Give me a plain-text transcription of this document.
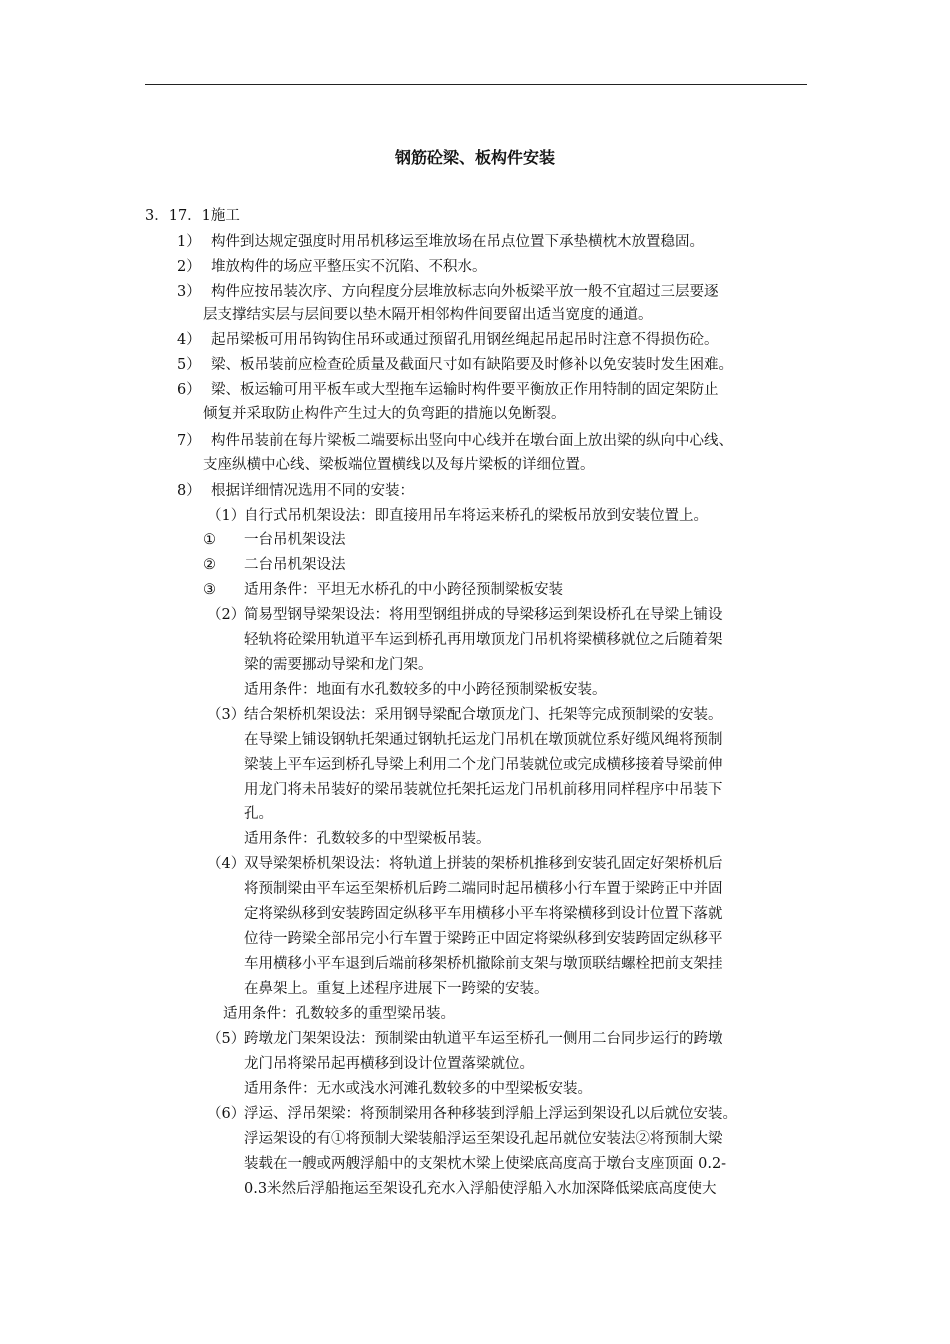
钢筋砼梁、板构件安装
3．17．1施工
1） 构件到达规定强度时用吊机移运至堆放场在吊点位置下承垫横枕木放置稳固。
2） 堆放构件的场应平整压实不沉陷、不积水。
3） 构件应按吊装次序、方向程度分层堆放标志向外板梁平放一般不宜超过三层要逐
层支撑结实层与层间要以垫木隔开相邻构件间要留出适当宽度的通道。
4） 起吊梁板可用吊钩钩住吊环或通过预留孔用钢丝绳起吊起吊时注意不得损伤砼。
5） 梁、板吊装前应检查砼质量及截面尺寸如有缺陷要及时修补以免安装时发生困难。
6） 梁、板运输可用平板车或大型拖车运输时构件要平衡放正作用特制的固定架防止
倾复并采取防止构件产生过大的负弯距的措施以免断裂。
7） 构件吊装前在每片梁板二端要标出竖向中心线并在墩台面上放出梁的纵向中心线、
支座纵横中心线、梁板端位置横线以及每片梁板的详细位置。
8） 根据详细情况选用不同的安装：
（1）自行式吊机架设法：即直接用吊车将运来桥孔的梁板吊放到安装位置上。
① 一台吊机架设法
② 二台吊机架设法
③ 适用条件：平坦无水桥孔的中小跨径预制梁板安装
（2）简易型钢导梁架设法：将用型钢组拼成的导梁移运到架设桥孔在导梁上铺设
轻轨将砼梁用轨道平车运到桥孔再用墩顶龙门吊机将梁横移就位之后随着架
梁的需要挪动导梁和龙门架。
适用条件：地面有水孔数较多的中小跨径预制梁板安装。
（3）结合架桥机架设法：采用钢导梁配合墩顶龙门、托架等完成预制梁的安装。
在导梁上铺设钢轨托架通过钢轨托运龙门吊机在墩顶就位系好缆风绳将预制
梁装上平车运到桥孔导梁上利用二个龙门吊装就位或完成横移接着导梁前伸
用龙门将未吊装好的梁吊装就位托架托运龙门吊机前移用同样程序中吊装下
孔。
适用条件：孔数较多的中型梁板吊装。
（4）双导梁架桥机架设法：将轨道上拼装的架桥机推移到安装孔固定好架桥机后
将预制梁由平车运至架桥机后跨二端同时起吊横移小行车置于梁跨正中并固
定将梁纵移到安装跨固定纵移平车用横移小平车将梁横移到设计位置下落就
位待一跨梁全部吊完小行车置于梁跨正中固定将梁纵移到安装跨固定纵移平
车用横移小平车退到后端前移架桥机撤除前支架与墩顶联结螺栓把前支架挂
在鼻架上。重复上述程序进展下一跨梁的安装。
适用条件：孔数较多的重型梁吊装。
（5）跨墩龙门架架设法：预制梁由轨道平车运至桥孔一侧用二台同步运行的跨墩
龙门吊将梁吊起再横移到设计位置落梁就位。
适用条件：无水或浅水河滩孔数较多的中型梁板安装。
（6）浮运、浮吊架梁：将预制梁用各种移装到浮船上浮运到架设孔以后就位安装。
浮运架设的有①将预制大梁装船浮运至架设孔起吊就位安装法②将预制大梁
装载在一艘或两艘浮船中的支架枕木梁上使梁底高度高于墩台支座顶面 0.2-
0.3米然后浮船拖运至架设孔充水入浮船使浮船入水加深降低梁底高度使大
